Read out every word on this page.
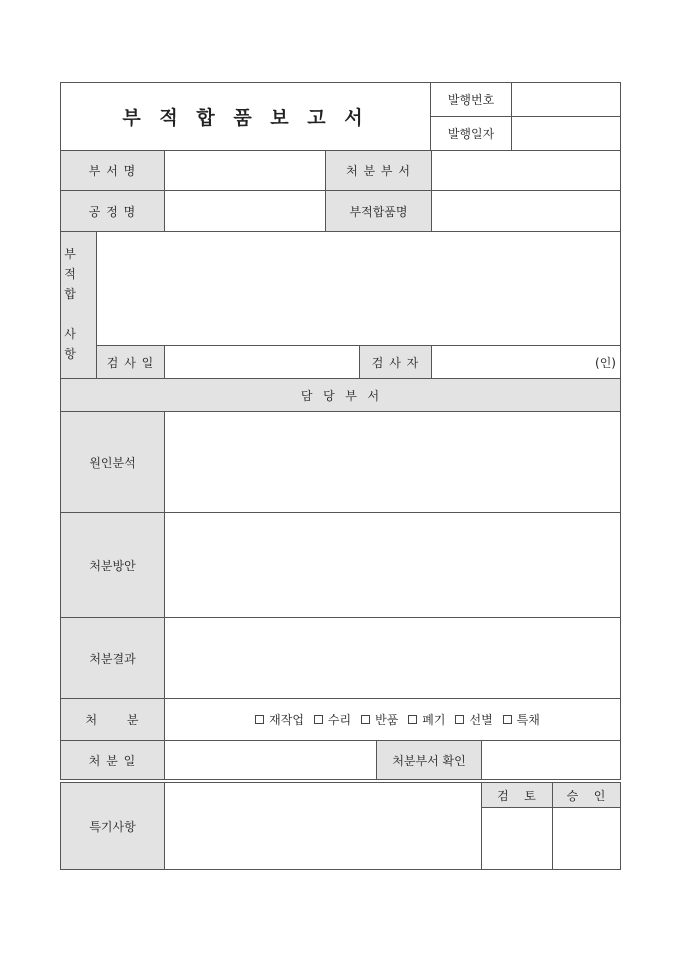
부 적 합 품 보 고 서
발행번호
발행일자
부 서 명	처 분 부 서
공 정 명	부적합품명
부
적
합
사
항
검 사 일	검 사 자	(인)
담  당  부  서
원인분석
처분방안
처분결과
처      분	재작업 수리 반품 폐기 선별 특채
처 분 일	처분부서 확인
특기사항
검   토	승   인
